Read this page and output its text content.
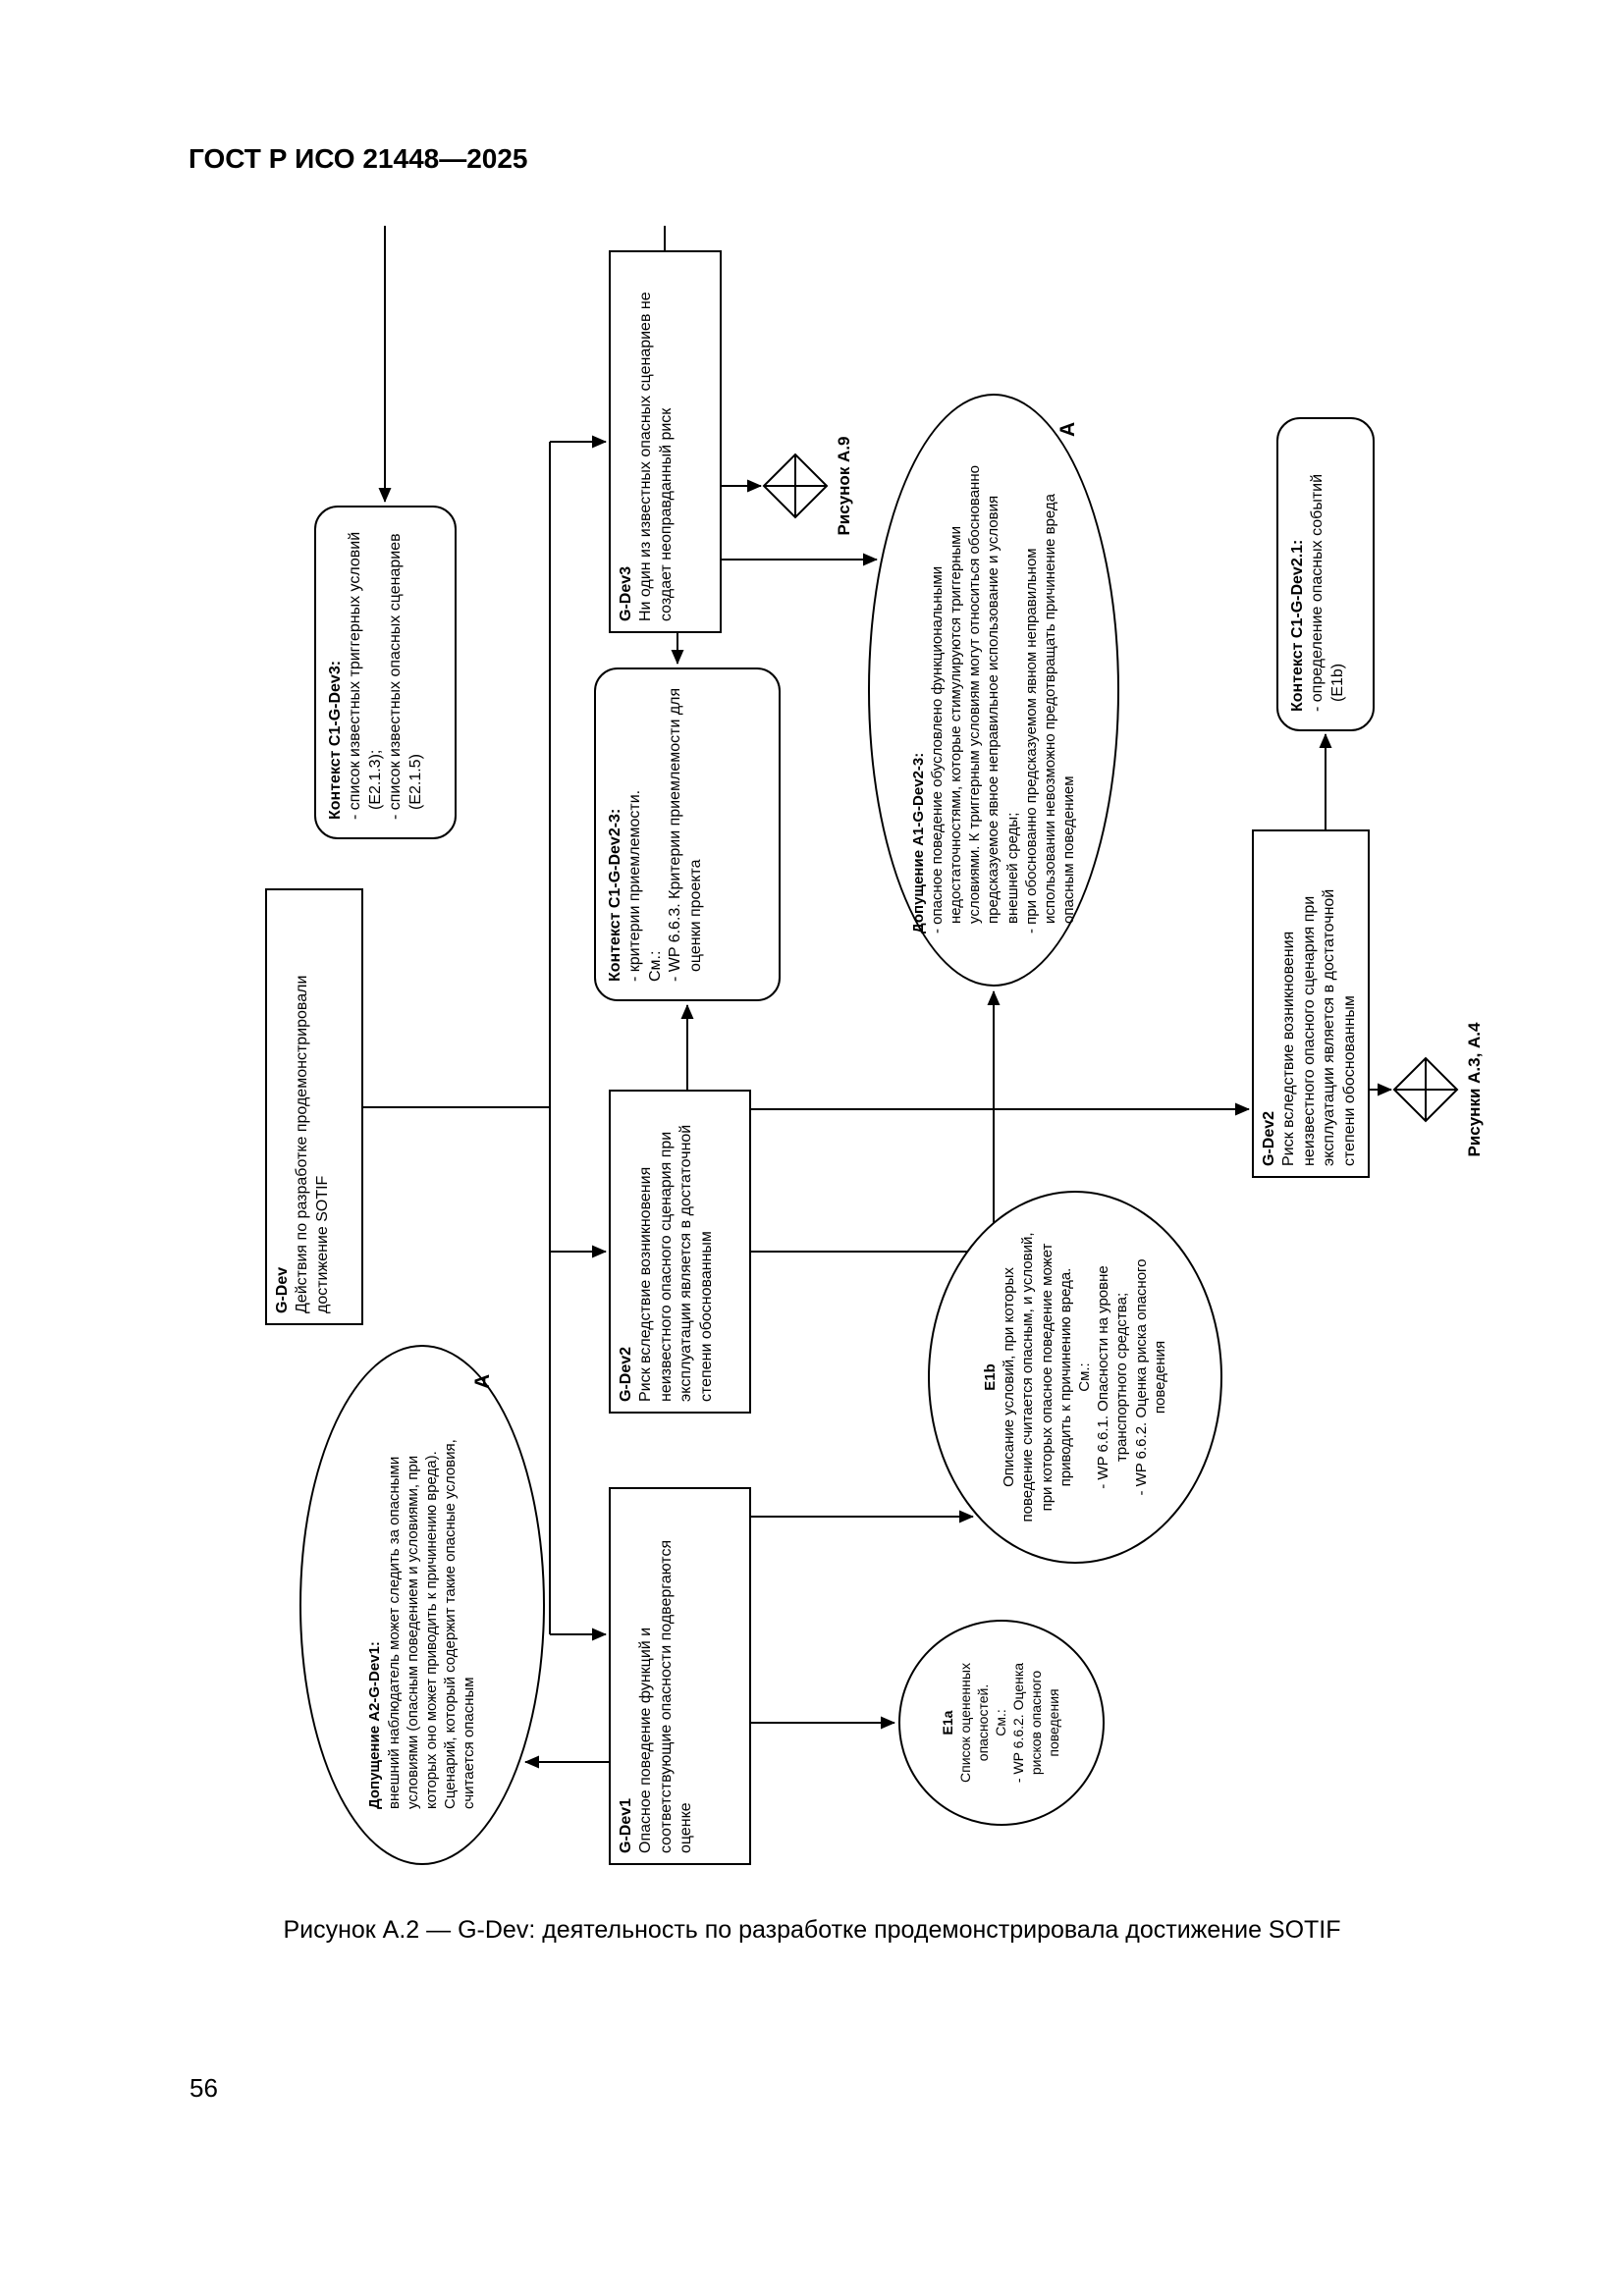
ГОСТ Р ИСО 21448—2025
G-Dev Действия по разработке продемонстрировали достижение SOTIF
G-Dev1 Опасное поведение функций и соответствующие опасности подвергаются оценке
G-Dev2 Риск вследствие возникновения неизвестного опасного сценария при эксплуатации является в достаточной степени обоснованным
G-Dev3 Ни один из известных опасных сценариев не создает неоправданный риск
G-Dev2 Риск вследствие возникновения неизвестного опасного сценария при эксплуатации является в достаточной степени обоснованным
Контекст C1-G-Dev3: - список известных триггерных условий (E2.1.3); - список известных опасных сценариев (E2.1.5)
Контекст C1-G-Dev2-3: - критерии приемлемости. См.: - WP 6.6.3. Критерии приемлемости для оценки проекта
Контекст C1-G-Dev2.1: - определение опасных событий (E1b)
Допущение A1-G-Dev2-3: - опасное поведение обусловлено функциональными недостаточностями, которые стимулируются триггерными условиями. К триггерным условиям могут относиться обоснованно предсказуемое явное неправильное использование и условия внешней среды; - при обоснованно предсказуемом явном неправильном использовании невозможно предотвращать причинение вреда опасным поведением
Допущение A2-G-Dev1: внешний наблюдатель может следить за опасными условиями (опасным поведением и условиями, при которых оно может приводить к причинению вреда). Сценарий, который содержит такие опасные условия, считается опасным
E1b Описание условий, при которых поведение считается опасным, и условий, при которых опасное поведение может приводить к причинению вреда. См.: - WP 6.6.1. Опасности на уровне транспортного средства; - WP 6.6.2. Оценка риска опасного поведения
E1a Список оцененных опасностей. См.: - WP 6.6.2. Оценка рисков опасного поведения
Рисунок А.9
Рисунки А.3, А.4
А
А
Рисунок А.2 — G-Dev: деятельность по разработке продемонстрировала достижение SOTIF
56
